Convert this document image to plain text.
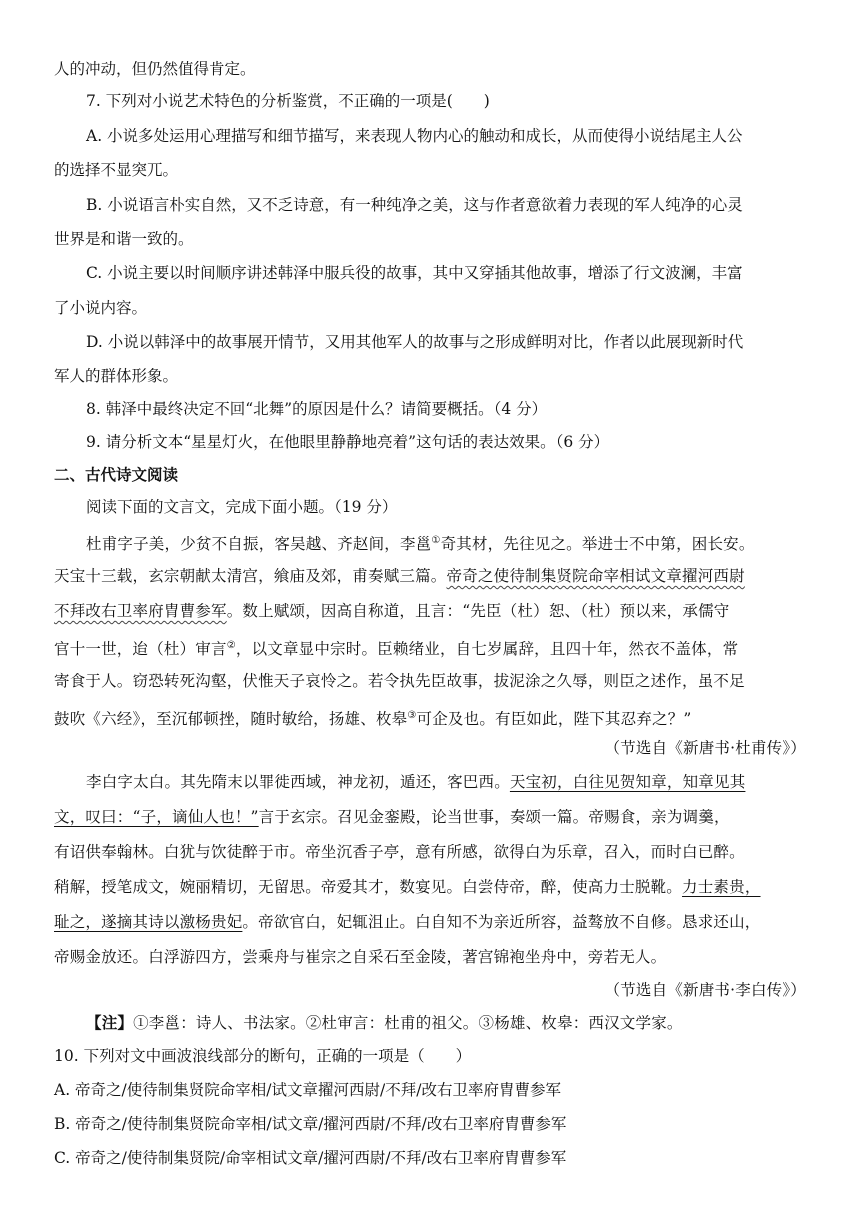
人的冲动，但仍然值得肯定。
7. 下列对小说艺术特色的分析鉴赏，不正确的一项是(　　)
A. 小说多处运用心理描写和细节描写，来表现人物内心的触动和成长，从而使得小说结尾主人公
的选择不显突兀。
B. 小说语言朴实自然，又不乏诗意，有一种纯净之美，这与作者意欲着力表现的军人纯净的心灵
世界是和谐一致的。
C. 小说主要以时间顺序讲述韩泽中服兵役的故事，其中又穿插其他故事，增添了行文波澜，丰富
了小说内容。
D. 小说以韩泽中的故事展开情节，又用其他军人的故事与之形成鲜明对比，作者以此展现新时代
军人的群体形象。
8. 韩泽中最终决定不回“北舞”的原因是什么？请简要概括。（4 分）
9. 请分析文本“星星灯火，在他眼里静静地亮着”这句话的表达效果。（6 分）
二、古代诗文阅读
阅读下面的文言文，完成下面小题。（19 分）
杜甫字子美，少贫不自振，客吴越、齐赵间，李邕①奇其材，先往见之。举进士不中第，困长安。
天宝十三载，玄宗朝献太清宫，飨庙及郊，甫奏赋三篇。帝奇之使待制集贤院命宰相试文章擢河西尉
不拜改右卫率府胄曹参军。数上赋颂，因高自称道，且言：“先臣（杜）恕、（杜）预以来，承儒守
官十一世，迨（杜）审言②，以文章显中宗时。臣赖绪业，自七岁属辞，且四十年，然衣不盖体，常
寄食于人。窃恐转死沟壑，伏惟天子哀怜之。若令执先臣故事，拔泥涂之久辱，则臣之述作，虽不足
鼓吹《六经》，至沉郁顿挫，随时敏给，扬雄、枚皋③可企及也。有臣如此，陛下其忍弃之？”
（节选自《新唐书·杜甫传》）
李白字太白。其先隋末以罪徙西域，神龙初，遁还，客巴西。天宝初，白往见贺知章，知章见其
文，叹曰：“子，谪仙人也！”言于玄宗。召见金銮殿，论当世事，奏颂一篇。帝赐食，亲为调羹，
有诏供奉翰林。白犹与饮徒醉于市。帝坐沉香子亭，意有所感，欲得白为乐章，召入，而时白已醉。
稍解，授笔成文，婉丽精切，无留思。帝爱其才，数宴见。白尝侍帝，醉，使高力士脱靴。力士素贵，
耻之，遂摘其诗以激杨贵妃。帝欲官白，妃辄沮止。白自知不为亲近所容，益骜放不自修。恳求还山，
帝赐金放还。白浮游四方，尝乘舟与崔宗之自采石至金陵，著宫锦袍坐舟中，旁若无人。
（节选自《新唐书·李白传》）
【注】①李邕：诗人、书法家。②杜审言：杜甫的祖父。③杨雄、枚皋：西汉文学家。
10. 下列对文中画波浪线部分的断句，正确的一项是（　　）
A. 帝奇之/使待制集贤院命宰相/试文章擢河西尉/不拜/改右卫率府胄曹参军
B. 帝奇之/使待制集贤院命宰相/试文章/擢河西尉/不拜/改右卫率府胄曹参军
C. 帝奇之/使待制集贤院/命宰相试文章/擢河西尉/不拜/改右卫率府胄曹参军
